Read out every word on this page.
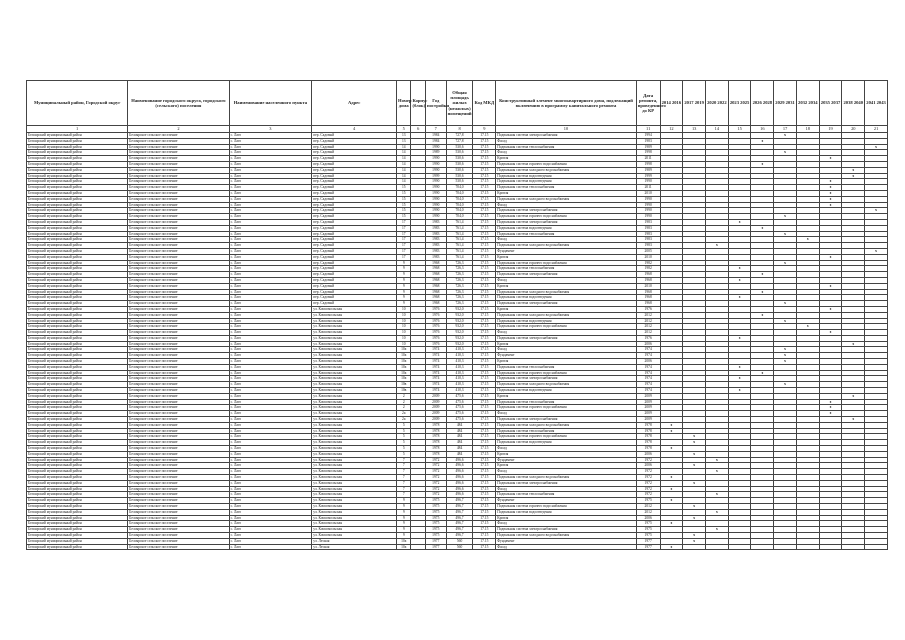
Муниципальный район, Городской округ	Наименование городского округа, городского (сельского) поселения	Наименование населенного пункта	Адрес	Номер дома	Корпус (блок)	Год постройки	Общая площадь жилых (нежилых) помещений	Код МКД	Конструктивный элемент многоквартирного дома, подлежащий включению в программу капитального ремонта	Дата ремонта, проведенного до КР	2014 2016	2017 2019	2020 2022	2023 2025	2026 2028	2029 2031	2032 2034	2035 2037	2038 2040	2041 2043
1	2	3	4	5	6	7	8	9	10	11	12	13	14	15	16	17	18	19	20	21
Белоярский муниципальный район	Белоярское сельское поселение	с. Лаго	пер. Садовый	13		1984	727,8	17.15	Подвальная система электроснабжения	1994						x				
Белоярский муниципальный район	Белоярское сельское поселение	с. Лаго	пер. Садовый	13		1984	727,8	17.15	Фасад	1983					x					
Белоярский муниципальный район	Белоярское сельское поселение	с. Лаго	пер. Садовый	14		1990	530,6	17.15	Подвальная система теплоснабжения	1989										x
Белоярский муниципальный район	Белоярское сельское поселение	с. Лаго	пер. Садовый	14		1989	530,6	17.15	Фасад	1998						x				
Белоярский муниципальный район	Белоярское сельское поселение	с. Лаго	пер. Садовый	14		1990	530,6	17.15	Кровля	2011								x		
Белоярский муниципальный район	Белоярское сельское поселение	с. Лаго	пер. Садовый	14		1990	530,6	17.15	Подвальная система горячего водоснабжения	1998					x					
Белоярский муниципальный район	Белоярское сельское поселение	с. Лаго	пер. Садовый	14		1990	530,6	17.15	Подвальная система холодного водоснабжения	1989									x	
Белоярский муниципальный район	Белоярское сельское поселение	с. Лаго	пер. Садовый	14		1999	530,6	17.15	Подвальная система водоотведения	1999									x	
Белоярский муниципальный район	Белоярское сельское поселение	с. Лаго	пер. Садовый	14		1990	530,6	17.15	Подвальная система водоотведения	1990								x		
Белоярский муниципальный район	Белоярское сельское поселение	с. Лаго	пер. Садовый	15		1990	704,0	17.15	Подвальная система теплоснабжения	2011								x		
Белоярский муниципальный район	Белоярское сельское поселение	с. Лаго	пер. Садовый	15		1990	704,0	17.15	Кровля	2010								x		
Белоярский муниципальный район	Белоярское сельское поселение	с. Лаго	пер. Садовый	15		1990	704,0	17.15	Подвальная система холодного водоснабжения	1990								x		
Белоярский муниципальный район	Белоярское сельское поселение	с. Лаго	пер. Садовый	15		1990	704,0	17.15	Фасад	1990								x		
Белоярский муниципальный район	Белоярское сельское поселение	с. Лаго	пер. Садовый	15		1990	704,0	17.15	Подвальная система электроснабжения	1990										x
Белоярский муниципальный район	Белоярское сельское поселение	с. Лаго	пер. Садовый	15		1990	704,0	17.15	Подвальная система горячего водоснабжения	1990						x				
Белоярский муниципальный район	Белоярское сельское поселение	с. Лаго	пер. Садовый	17		1983	761,4	17.15	Подвальная система электроснабжения	1983				x						
Белоярский муниципальный район	Белоярское сельское поселение	с. Лаго	пер. Садовый	17		1983	761,4	17.15	Подвальная система водоотведения	1983					x					
Белоярский муниципальный район	Белоярское сельское поселение	с. Лаго	пер. Садовый	17		1983	761,4	17.15	Подвальная система теплоснабжения	1983						x				
Белоярский муниципальный район	Белоярское сельское поселение	с. Лаго	пер. Садовый	17		1983	761,4	17.15	Фасад	1983							x			
Белоярский муниципальный район	Белоярское сельское поселение	с. Лаго	пер. Садовый	17		1983	761,4	17.15	Подвальная система холодного водоснабжения	1983			x							
Белоярский муниципальный район	Белоярское сельское поселение	с. Лаго	пер. Садовый	17		1983	761,4	17.15	Фундамент	2005										x
Белоярский муниципальный район	Белоярское сельское поселение	с. Лаго	пер. Садовый	17		1983	761,4	17.15	Кровля	2010								x		
Белоярский муниципальный район	Белоярское сельское поселение	с. Лаго	пер. Садовый	9		1968	726,3	17.15	Подвальная система горячего водоснабжения	1982						x				
Белоярский муниципальный район	Белоярское сельское поселение	с. Лаго	пер. Садовый	9		1968	726,3	17.15	Подвальная система теплоснабжения	1982				x						
Белоярский муниципальный район	Белоярское сельское поселение	с. Лаго	пер. Садовый	9		1968	726,3	17.15	Подвальная система электроснабжения	1968					x					
Белоярский муниципальный район	Белоярское сельское поселение	с. Лаго	пер. Садовый	9		1968	726,3	17.15	Фасад	1968				x						
Белоярский муниципальный район	Белоярское сельское поселение	с. Лаго	пер. Садовый	9		1968	726,3	17.15	Кровля	2010								x		
Белоярский муниципальный район	Белоярское сельское поселение	с. Лаго	пер. Садовый	9		1968	726,3	17.15	Подвальная система холодного водоснабжения	1968					x					
Белоярский муниципальный район	Белоярское сельское поселение	с. Лаго	пер. Садовый	9		1968	726,3	17.15	Подвальная система водоотведения	1968				x						
Белоярский муниципальный район	Белоярское сельское поселение	с. Лаго	пер. Садовый	9		1968	726,3	17.15	Подвальная система электроснабжения	1968						x				
Белоярский муниципальный район	Белоярское сельское поселение	с. Лаго	ул. Комсомольская	10		1976	932,0	17.15	Кровля	1976								x		
Белоярский муниципальный район	Белоярское сельское поселение	с. Лаго	ул. Комсомольская	10		1976	932,0	17.15	Подвальная система холодного водоснабжения	2012					x					
Белоярский муниципальный район	Белоярское сельское поселение	с. Лаго	ул. Комсомольская	10		1976	932,0	17.15	Подвальная система водоотведения	2012						x				
Белоярский муниципальный район	Белоярское сельское поселение	с. Лаго	ул. Комсомольская	10		1976	932,0	17.15	Подвальная система горячего водоснабжения	2012							x			
Белоярский муниципальный район	Белоярское сельское поселение	с. Лаго	ул. Комсомольская	10		1976	932,0	17.15	Фасад	2012								x		
Белоярский муниципальный район	Белоярское сельское поселение	с. Лаго	ул. Комсомольская	10		1976	932,0	17.15	Подвальная система электроснабжения	1976				x						
Белоярский муниципальный район	Белоярское сельское поселение	с. Лаго	ул. Комсомольская	10		1976	932,0	17.15	Кровля	2006									x	
Белоярский муниципальный район	Белоярское сельское поселение	с. Лаго	ул. Комсомольская	10а		1974	410,3	17.15	Фасад	1974						x				
Белоярский муниципальный район	Белоярское сельское поселение	с. Лаго	ул. Комсомольская	10а		1974	410,3	17.15	Фундамент	1974						x				
Белоярский муниципальный район	Белоярское сельское поселение	с. Лаго	ул. Комсомольская	10а		1974	410,3	17.15	Кровля	2006						x				
Белоярский муниципальный район	Белоярское сельское поселение	с. Лаго	ул. Комсомольская	10а		1974	410,3	17.15	Подвальная система теплоснабжения	1974				x						
Белоярский муниципальный район	Белоярское сельское поселение	с. Лаго	ул. Комсомольская	10а		1974	410,3	17.15	Подвальная система горячего водоснабжения	1974					x					
Белоярский муниципальный район	Белоярское сельское поселение	с. Лаго	ул. Комсомольская	10а		1974	410,3	17.15	Подвальная система электроснабжения	1974				x						
Белоярский муниципальный район	Белоярское сельское поселение	с. Лаго	ул. Комсомольская	10в		1974	410,3	17.15	Подвальная система холодного водоснабжения	1974						x				
Белоярский муниципальный район	Белоярское сельское поселение	с. Лаго	ул. Комсомольская	10в		1974	410,3	17.15	Подвальная система водоотведения	1974				x						
Белоярский муниципальный район	Белоярское сельское поселение	с. Лаго	ул. Комсомольская	2		2009	475,6	17.15	Кровля	2009									x	
Белоярский муниципальный район	Белоярское сельское поселение	с. Лаго	ул. Комсомольская	2		2009	475,6	17.15	Подвальная система теплоснабжения	2009								x		
Белоярский муниципальный район	Белоярское сельское поселение	с. Лаго	ул. Комсомольская	2		2009	475,6	17.15	Подвальная система горячего водоснабжения	2009								x		
Белоярский муниципальный район	Белоярское сельское поселение	с. Лаго	ул. Комсомольская	2а		2009	475,6	17.15	Фасад	2009								x		
Белоярский муниципальный район	Белоярское сельское поселение	с. Лаго	ул. Комсомольская	2а		2009	475,6	17.15	Подвальная система электроснабжения	2009									x	
Белоярский муниципальный район	Белоярское сельское поселение	с. Лаго	ул. Комсомольская	5		1978	484	17.15	Подвальная система холодного водоснабжения	1978	x									
Белоярский муниципальный район	Белоярское сельское поселение	с. Лаго	ул. Комсомольская	5		1978	484	17.15	Подвальная система теплоснабжения	1978	x									
Белоярский муниципальный район	Белоярское сельское поселение	с. Лаго	ул. Комсомольская	5		1978	484	17.15	Подвальная система горячего водоснабжения	1978		x								
Белоярский муниципальный район	Белоярское сельское поселение	с. Лаго	ул. Комсомольская	5		1978	484	17.15	Подвальная система водоотведения	1978		x								
Белоярский муниципальный район	Белоярское сельское поселение	с. Лаго	ул. Комсомольская	5		1978	484	17.15	Фасад	1978	x									
Белоярский муниципальный район	Белоярское сельское поселение	с. Лаго	ул. Комсомольская	5		1978	484	17.15	Кровля	2006		x								
Белоярский муниципальный район	Белоярское сельское поселение	с. Лаго	ул. Комсомольская	7		1972	496,6	17.15	Фундамент	1972			x							
Белоярский муниципальный район	Белоярское сельское поселение	с. Лаго	ул. Комсомольская	7		1972	496,6	17.15	Кровля	2006		x								
Белоярский муниципальный район	Белоярское сельское поселение	с. Лаго	ул. Комсомольская	7		1972	496,6	17.15	Фасад	1972			x							
Белоярский муниципальный район	Белоярское сельское поселение	с. Лаго	ул. Комсомольская	7		1972	496,6	17.15	Подвальная система холодного водоснабжения	1972	x									
Белоярский муниципальный район	Белоярское сельское поселение	с. Лаго	ул. Комсомольская	7		1972	496,6	17.15	Подвальная система электроснабжения	1972		x								
Белоярский муниципальный район	Белоярское сельское поселение	с. Лаго	ул. Комсомольская	7		1972	496,6	17.15	Фасад	1972	x									
Белоярский муниципальный район	Белоярское сельское поселение	с. Лаго	ул. Комсомольская	7		1972	496,6	17.15	Подвальная система теплоснабжения	1972			x							
Белоярский муниципальный район	Белоярское сельское поселение	с. Лаго	ул. Комсомольская	9		1975	496,7	17.15	Фундамент	1975	x									
Белоярский муниципальный район	Белоярское сельское поселение	с. Лаго	ул. Комсомольская	9		1975	496,7	17.15	Подвальная система горячего водоснабжения	2012		x								
Белоярский муниципальный район	Белоярское сельское поселение	с. Лаго	ул. Комсомольская	9		1975	496,7	17.15	Подвальная система водоотведения	2012			x							
Белоярский муниципальный район	Белоярское сельское поселение	с. Лаго	ул. Комсомольская	9		1975	496,7	17.15	Кровля	2006		x								
Белоярский муниципальный район	Белоярское сельское поселение	с. Лаго	ул. Комсомольская	9		1975	496,7	17.15	Фасад	1975	x									
Белоярский муниципальный район	Белоярское сельское поселение	с. Лаго	ул. Комсомольская	9		1975	496,7	17.15	Подвальная система электроснабжения	1975			x							
Белоярский муниципальный район	Белоярское сельское поселение	с. Лаго	ул. Комсомольская	9		1975	496,7	17.15	Подвальная система холодного водоснабжения	1975		x								
Белоярский муниципальный район	Белоярское сельское поселение	с. Лаго	ул. Лесная	10а		1977	560	17.15	Фундамент	1977		x								
Белоярский муниципальный район	Белоярское сельское поселение	с. Лаго	ул. Лесная	10а		1977	560	17.15	Фасад	1977	x									
